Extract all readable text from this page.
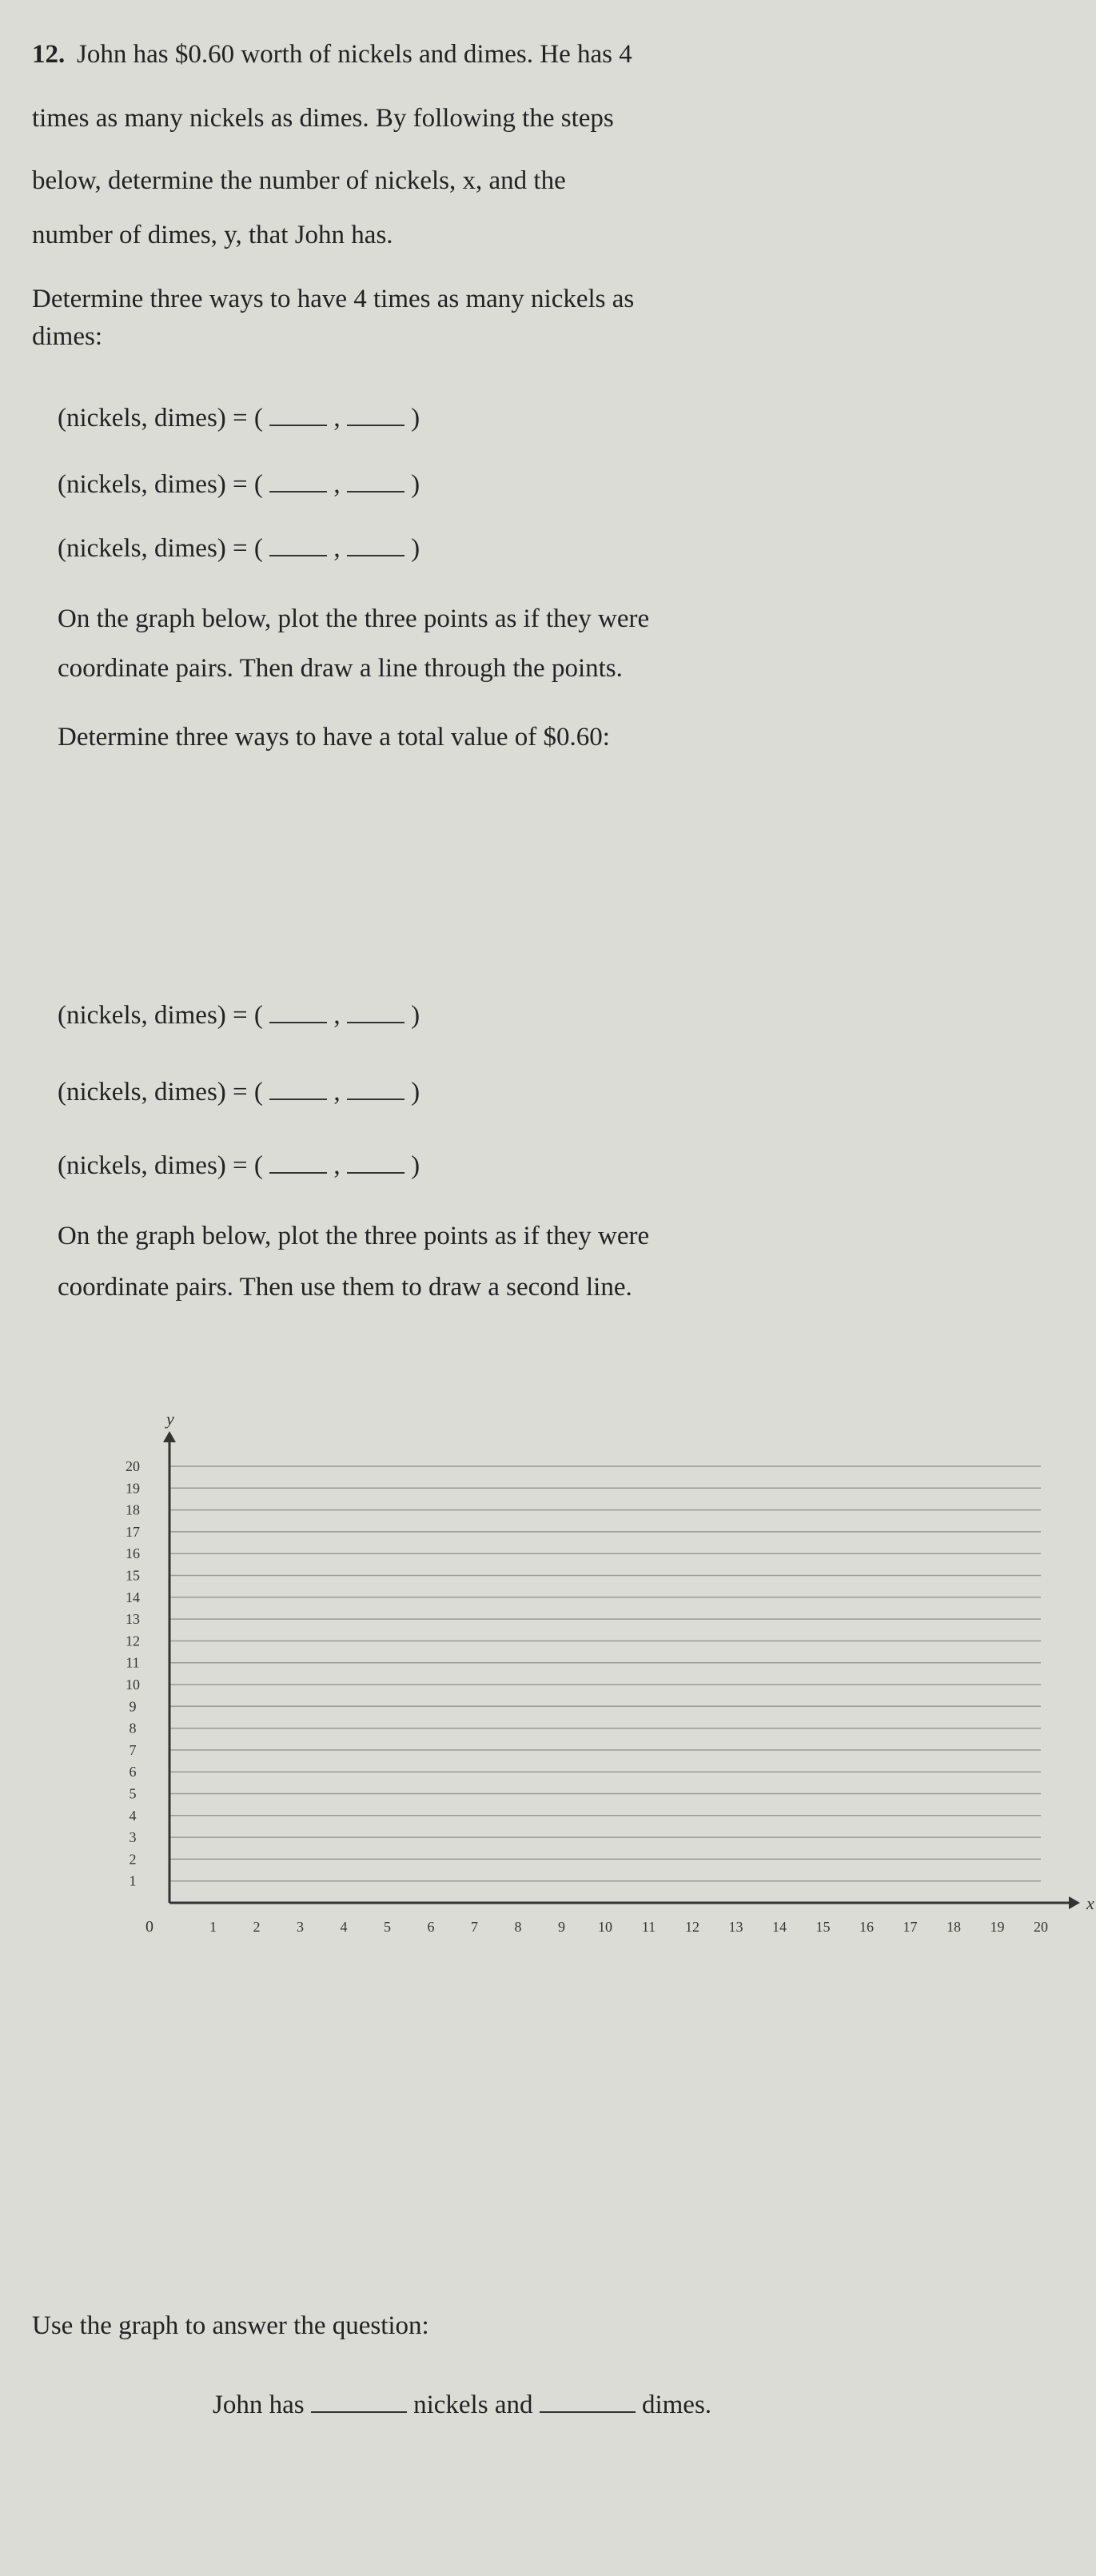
12. John has $0.60 worth of nickels and dimes. He has 4
times as many nickels as dimes. By following the steps
below, determine the number of nickels, x, and the
number of dimes, y, that John has.
Determine three ways to have 4 times as many nickels as
dimes:
(nickels, dimes) = (	,	)
(nickels, dimes) = (	,	)
(nickels, dimes) = (	,	)
On the graph below, plot the three points as if they were
coordinate pairs. Then draw a line through the points.
Determine three ways to have a total value of $0.60:
(nickels, dimes) = (	,	)
(nickels, dimes) = (	,	)
(nickels, dimes) = (	,	)
On the graph below, plot the three points as if they were
coordinate pairs. Then use them to draw a second line.
x
y
0	1	2	3	4	5	6	7	8	9 10 11 12 13 14 15 16 17 18 19 20
1
2
3
4
5
6
7
8
9
10
11
12
13
14
15
16
17
18
19
20
Use the graph to answer the question:
John has	nickels and	dimes.
